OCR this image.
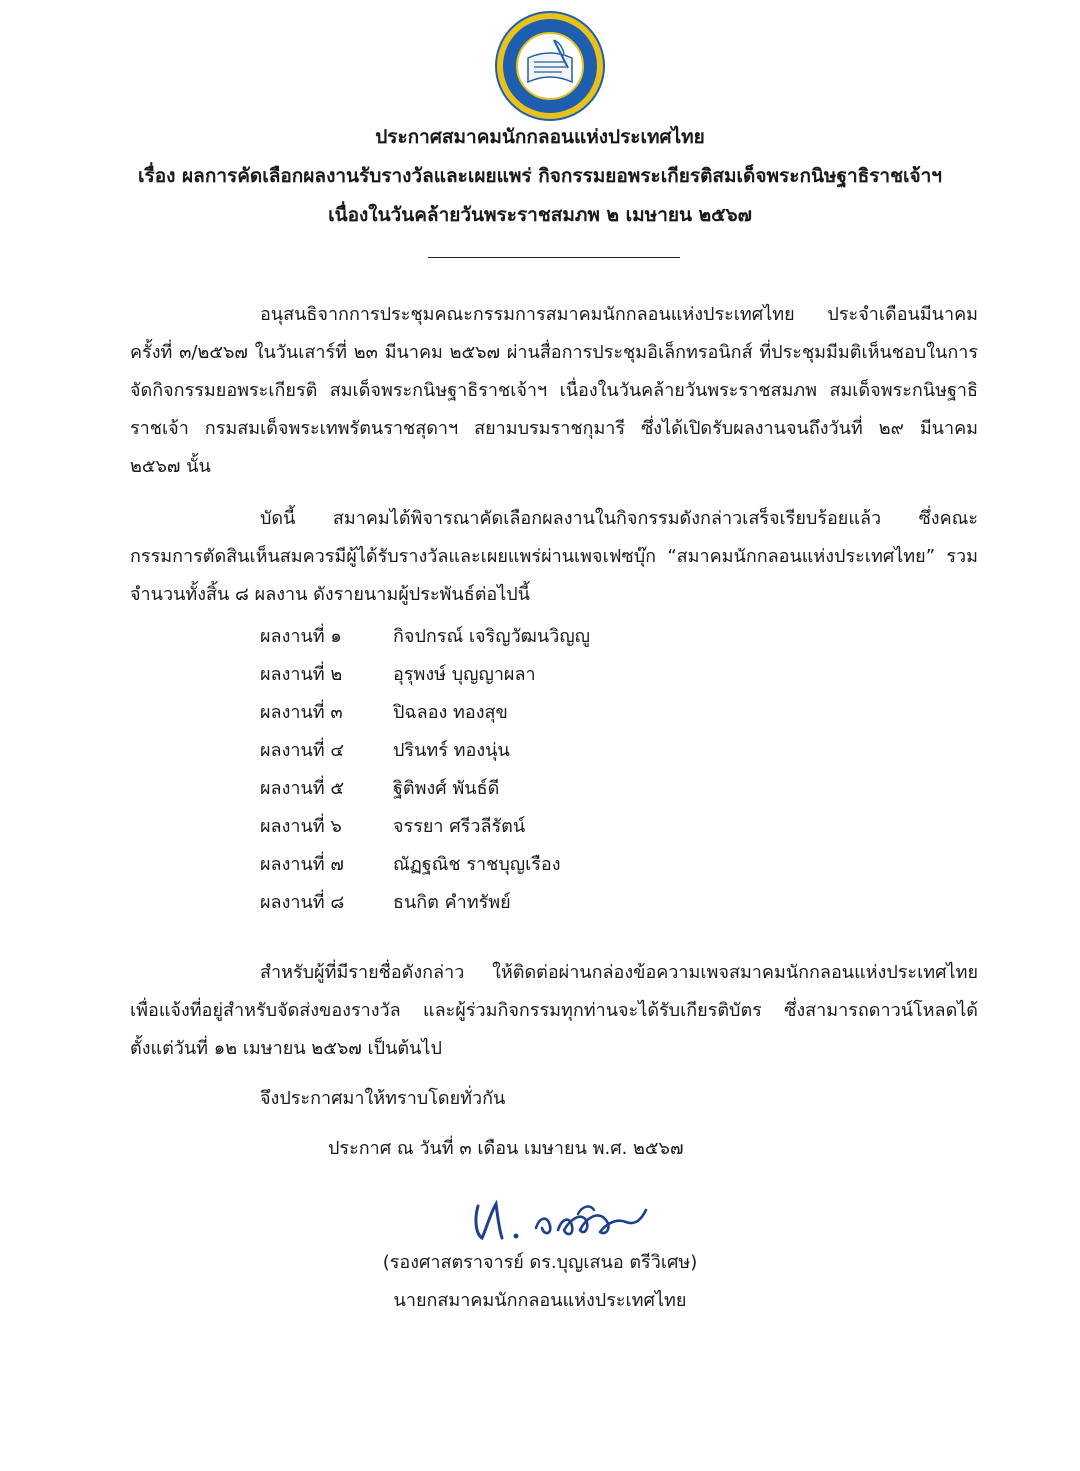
ประกาศสมาคมนักกลอนแห่งประเทศไทย
เรื่อง ผลการคัดเลือกผลงานรับรางวัลและเผยแพร่ กิจกรรมยอพระเกียรติสมเด็จพระกนิษฐาธิราชเจ้าฯ
เนื่องในวันคล้ายวันพระราชสมภพ ๒ เมษายน ๒๕๖๗

อนุสนธิจากการประชุมคณะกรรมการสมาคมนักกลอนแห่งประเทศไทย ประจำเดือนมีนาคม ครั้งที่ ๓/๒๕๖๗ ในวันเสาร์ที่ ๒๓ มีนาคม ๒๕๖๗ ผ่านสื่อการประชุมอิเล็กทรอนิกส์ ที่ประชุมมีมติเห็นชอบในการจัดกิจกรรมยอพระเกียรติ สมเด็จพระกนิษฐาธิราชเจ้าฯ เนื่องในวันคล้ายวันพระราชสมภพ สมเด็จพระกนิษฐาธิราชเจ้า กรมสมเด็จพระเทพรัตนราชสุดาฯ สยามบรมราชกุมารี ซึ่งได้เปิดรับผลงานจนถึงวันที่ ๒๙ มีนาคม ๒๕๖๗ นั้น

บัดนี้ สมาคมได้พิจารณาคัดเลือกผลงานในกิจกรรมดังกล่าวเสร็จเรียบร้อยแล้ว ซึ่งคณะกรรมการตัดสินเห็นสมควรมีผู้ได้รับรางวัลและเผยแพร่ผ่านเพจเฟซบุ๊ก “สมาคมนักกลอนแห่งประเทศไทย” รวมจำนวนทั้งสิ้น ๘ ผลงาน ดังรายนามผู้ประพันธ์ต่อไปนี้

ผลงานที่ ๑	กิจปกรณ์ เจริญวัฒนวิญญู
ผลงานที่ ๒	อุรุพงษ์ บุญญาผลา
ผลงานที่ ๓	ปิฉลอง ทองสุข
ผลงานที่ ๔	ปรินทร์ ทองนุ่น
ผลงานที่ ๕	ฐิติพงศ์ พันธ์ดี
ผลงานที่ ๖	จรรยา ศรีวลีรัตน์
ผลงานที่ ๗	ณัฏฐณิช ราชบุญเรือง
ผลงานที่ ๘	ธนกิต คำทรัพย์

สำหรับผู้ที่มีรายชื่อดังกล่าว ให้ติดต่อผ่านกล่องข้อความเพจสมาคมนักกลอนแห่งประเทศไทย เพื่อแจ้งที่อยู่สำหรับจัดส่งของรางวัล และผู้ร่วมกิจกรรมทุกท่านจะได้รับเกียรติบัตร ซึ่งสามารถดาวน์โหลดได้ตั้งแต่วันที่ ๑๒ เมษายน ๒๕๖๗ เป็นต้นไป

จึงประกาศมาให้ทราบโดยทั่วกัน

ประกาศ ณ วันที่ ๓ เดือน เมษายน พ.ศ. ๒๕๖๗

(รองศาสตราจารย์ ดร.บุญเสนอ ตรีวิเศษ)

นายกสมาคมนักกลอนแห่งประเทศไทย
